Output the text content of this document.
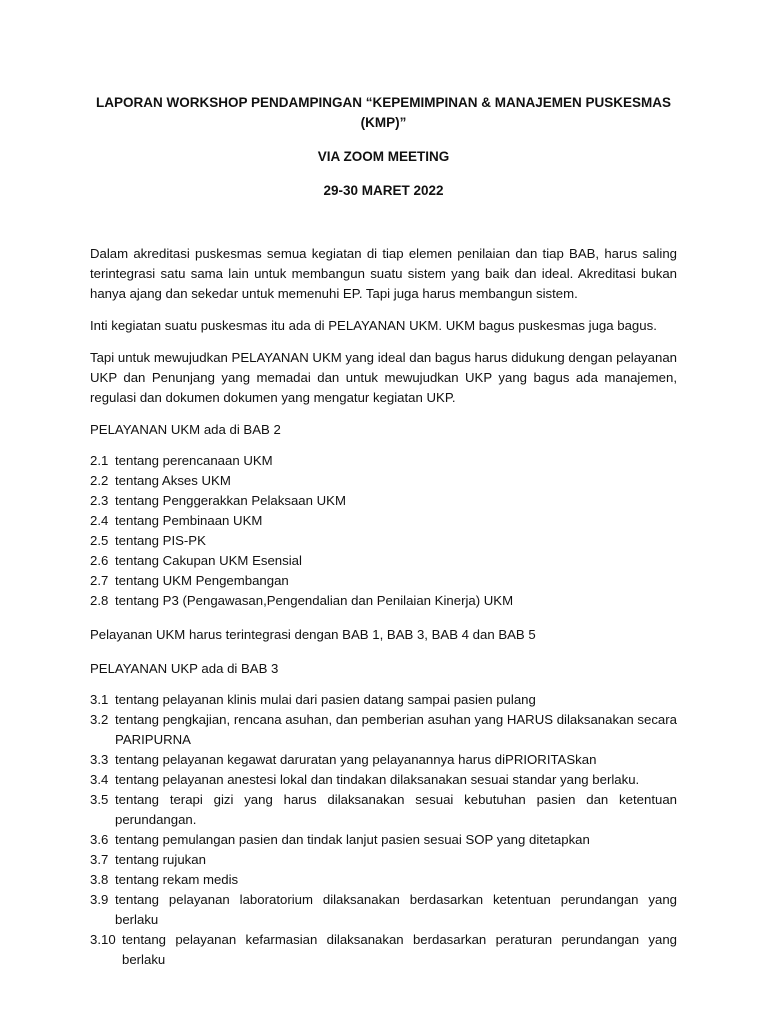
LAPORAN WORKSHOP PENDAMPINGAN “KEPEMIMPINAN & MANAJEMEN PUSKESMAS (KMP)”

VIA ZOOM MEETING

29-30 MARET 2022

Dalam akreditasi puskesmas semua kegiatan di tiap elemen penilaian dan tiap BAB, harus saling terintegrasi satu sama lain untuk membangun suatu sistem yang baik dan ideal. Akreditasi bukan hanya ajang dan sekedar untuk memenuhi EP. Tapi juga harus membangun sistem.

Inti kegiatan suatu puskesmas itu ada di PELAYANAN UKM. UKM bagus puskesmas juga bagus.

Tapi untuk mewujudkan PELAYANAN UKM yang ideal dan bagus harus didukung dengan pelayanan UKP dan Penunjang yang memadai dan untuk mewujudkan UKP yang bagus ada manajemen, regulasi dan dokumen dokumen yang mengatur kegiatan UKP.

PELAYANAN UKM ada di BAB 2

2.1 tentang perencanaan UKM
2.2 tentang Akses UKM
2.3 tentang Penggerakkan Pelaksaan UKM
2.4 tentang Pembinaan UKM
2.5 tentang PIS-PK
2.6 tentang Cakupan UKM Esensial
2.7 tentang UKM Pengembangan
2.8 tentang P3 (Pengawasan,Pengendalian dan Penilaian Kinerja) UKM

Pelayanan UKM harus terintegrasi dengan BAB 1, BAB 3, BAB 4 dan BAB 5

PELAYANAN UKP ada di BAB 3

3.1 tentang pelayanan klinis mulai dari pasien datang sampai pasien pulang
3.2 tentang pengkajian, rencana asuhan, dan pemberian asuhan yang HARUS dilaksanakan secara PARIPURNA
3.3 tentang pelayanan kegawat daruratan yang pelayanannya harus diPRIORITASkan
3.4 tentang pelayanan anestesi lokal dan tindakan dilaksanakan sesuai standar yang berlaku.
3.5 tentang terapi gizi yang harus dilaksanakan sesuai kebutuhan pasien dan ketentuan perundangan.
3.6 tentang pemulangan pasien dan tindak lanjut pasien sesuai SOP yang ditetapkan
3.7 tentang rujukan
3.8 tentang rekam medis
3.9 tentang pelayanan laboratorium dilaksanakan berdasarkan ketentuan perundangan yang berlaku
3.10 tentang pelayanan kefarmasian dilaksanakan berdasarkan peraturan perundangan yang berlaku
